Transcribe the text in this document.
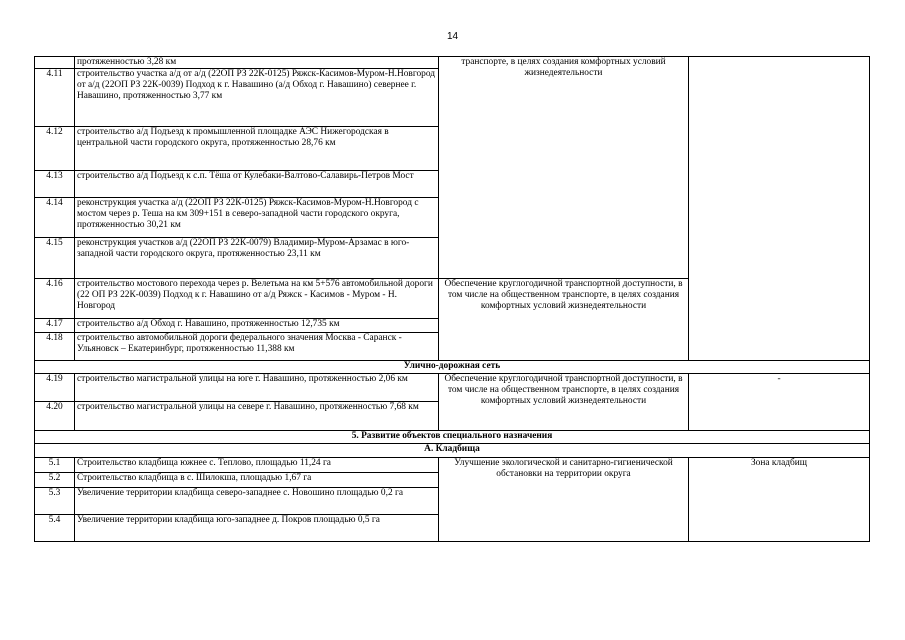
14
	протяженностью 3,28 км	транспорте, в целях создания комфортных условий жизнедеятельности	
4.11	строительство участка а/д от а/д (22ОП РЗ 22К-0125) Ряжск-Касимов-Муром-Н.Новгород от а/д (22ОП РЗ 22К-0039) Подход к г. Навашино (а/д Обход г. Навашино) севернее г. Навашино, протяженностью 3,77 км		
4.12	строительство а/д Подъезд к промышленной площадке АЭС Нижегородская в центральной части городского округа, протяженностью 28,76 км		
4.13	строительство а/д Подъезд к с.п. Тёша от Кулебаки-Валтово-Салавирь-Петров Мост		
4.14	реконструкция участка а/д (22ОП РЗ 22К-0125) Ряжск-Касимов-Муром-Н.Новгород с мостом через р. Теша на км 309+151 в северо-западной части городского округа, протяженностью 30,21 км		
4.15	реконструкция участков а/д (22ОП РЗ 22К-0079) Владимир-Муром-Арзамас в юго-западной части городского округа, протяженностью 23,11 км		
4.16	строительство мостового перехода через р. Велетьма на км 5+576 автомобильной дороги (22 ОП РЗ 22К-0039) Подход к г. Навашино от а/д Ряжск - Касимов - Муром - Н. Новгород	Обеспечение круглогодичной транспортной доступности, в том числе на общественном транспорте, в целях создания комфортных условий жизнедеятельности	
4.17	строительство а/д Обход г. Навашино, протяженностью 12,735 км		
4.18	строительство автомобильной дороги федерального значения Москва - Саранск - Ульяновск – Екатеринбург, протяженностью 11,388 км		
Улично-дорожная сеть			
4.19	строительство магистральной улицы на юге г. Навашино, протяженностью 2,06 км	Обеспечение круглогодичной транспортной доступности, в том числе на общественном транспорте, в целях создания комфортных условий жизнедеятельности	-
4.20	строительство магистральной улицы на севере г. Навашино, протяженностью 7,68 км		
5. Развитие объектов специального назначения			
А. Кладбища			
5.1	Строительство кладбища южнее с. Теплово, площадью 11,24 га	Улучшение экологической и санитарно-гигиенической обстановки на территории округа	Зона кладбищ
5.2	Строительство кладбища в с. Шилокша, площадью 1,67 га		
5.3	Увеличение территории кладбища северо-западнее с. Новошино площадью 0,2 га		
5.4	Увеличение территории кладбища юго-западнее д. Покров площадью 0,5 га		
